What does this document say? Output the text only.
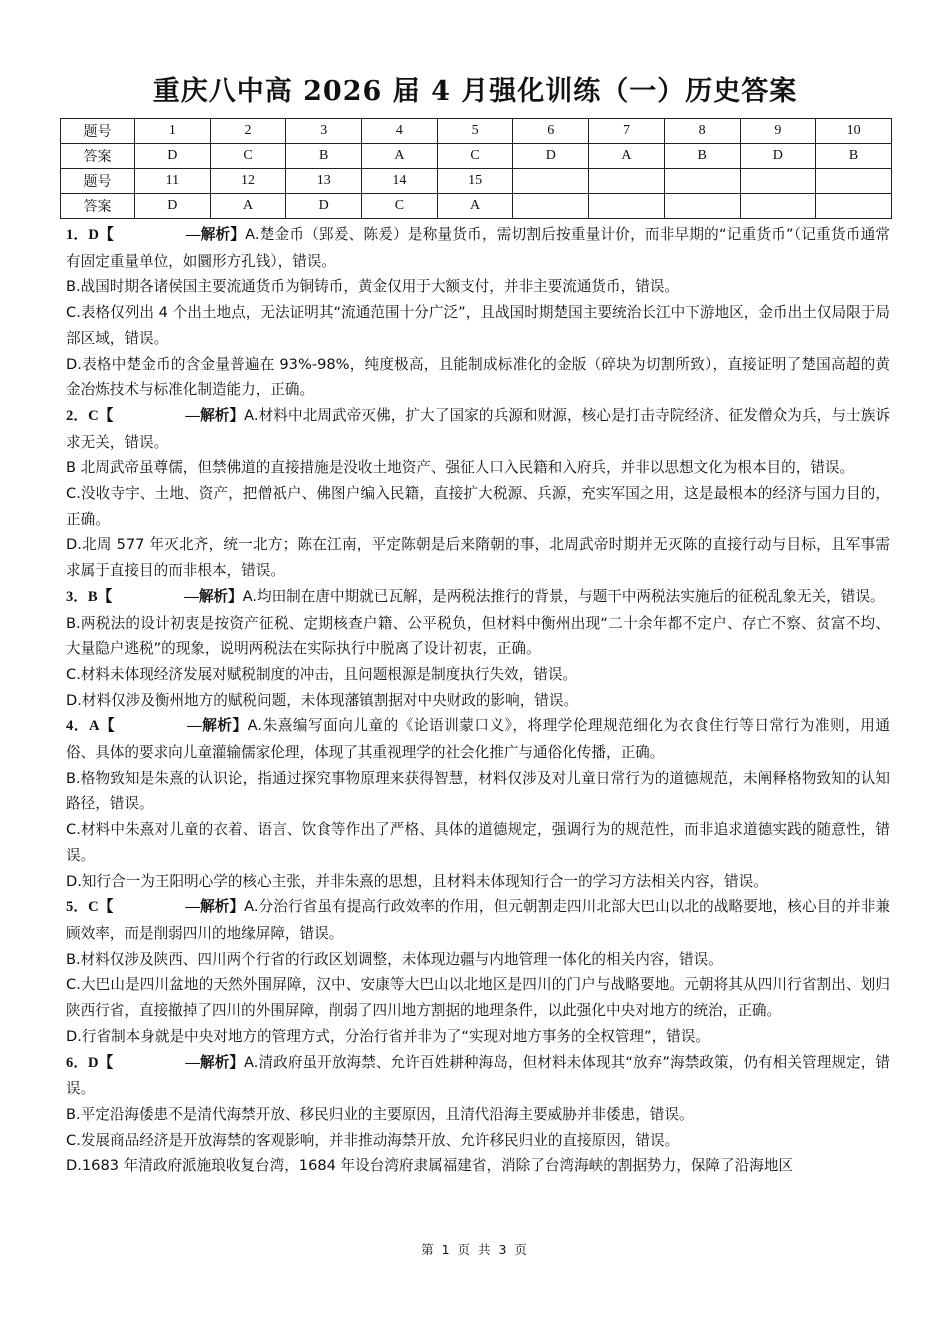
重庆八中高 2026 届 4 月强化训练（一）历史答案
题号	1	2	3	4	5	6	7	8	9	10
答案	D	C	B	A	C	D	A	B	D	B
题号	11	12	13	14	15					
答案	D	A	D	C	A					

1．D【	—解析】A.楚金币（郢爰、陈爰）是称量货币，需切割后按重量计价，而非早期的“记重货币”（记重货币通常有固定重量单位，如圜形方孔钱），错误。

B.战国时期各诸侯国主要流通货币为铜铸币，黄金仅用于大额支付，并非主要流通货币，错误。

C.表格仅列出 4 个出土地点，无法证明其“流通范围十分广泛”，且战国时期楚国主要统治长江中下游地区，金币出土仅局限于局部区域，错误。

D.表格中楚金币的含金量普遍在 93%-98%，纯度极高，且能制成标准化的金版（碎块为切割所致），直接证明了楚国高超的黄金冶炼技术与标准化制造能力，正确。

2．C【	—解析】A.材料中北周武帝灭佛，扩大了国家的兵源和财源，核心是打击寺院经济、征发僧众为兵，与士族诉求无关，错误。

B 北周武帝虽尊儒，但禁佛道的直接措施是没收土地资产、强征人口入民籍和入府兵，并非以思想文化为根本目的，错误。

C.没收寺宇、土地、资产，把僧祇户、佛图户编入民籍，直接扩大税源、兵源，充实军国之用，这是最根本的经济与国力目的，正确。

D.北周 577 年灭北齐，统一北方；陈在江南，平定陈朝是后来隋朝的事，北周武帝时期并无灭陈的直接行动与目标，且军事需求属于直接目的而非根本，错误。

3．B【	—解析】A.均田制在唐中期就已瓦解，是两税法推行的背景，与题干中两税法实施后的征税乱象无关，错误。

B.两税法的设计初衷是按资产征税、定期核查户籍、公平税负，但材料中衡州出现“二十余年都不定户、存亡不察、贫富不均、大量隐户逃税”的现象，说明两税法在实际执行中脱离了设计初衷，正确。

C.材料未体现经济发展对赋税制度的冲击，且问题根源是制度执行失效，错误。

D.材料仅涉及衡州地方的赋税问题，未体现藩镇割据对中央财政的影响，错误。

4．A【	—解析】A.朱熹编写面向儿童的《论语训蒙口义》，将理学伦理规范细化为衣食住行等日常行为准则，用通俗、具体的要求向儿童灌输儒家伦理，体现了其重视理学的社会化推广与通俗化传播，正确。

B.格物致知是朱熹的认识论，指通过探究事物原理来获得智慧，材料仅涉及对儿童日常行为的道德规范，未阐释格物致知的认知路径，错误。

C.材料中朱熹对儿童的衣着、语言、饮食等作出了严格、具体的道德规定，强调行为的规范性，而非追求道德实践的随意性，错误。

D.知行合一为王阳明心学的核心主张，并非朱熹的思想，且材料未体现知行合一的学习方法相关内容，错误。

5．C【	—解析】A.分治行省虽有提高行政效率的作用，但元朝割走四川北部大巴山以北的战略要地，核心目的并非兼顾效率，而是削弱四川的地缘屏障，错误。

B.材料仅涉及陕西、四川两个行省的行政区划调整，未体现边疆与内地管理一体化的相关内容，错误。

C.大巴山是四川盆地的天然外围屏障，汉中、安康等大巴山以北地区是四川的门户与战略要地。元朝将其从四川行省割出、划归陕西行省，直接撤掉了四川的外围屏障，削弱了四川地方割据的地理条件，以此强化中央对地方的统治，正确。

D.行省制本身就是中央对地方的管理方式，分治行省并非为了“实现对地方事务的全权管理”，错误。

6．D【	—解析】A.清政府虽开放海禁、允许百姓耕种海岛，但材料未体现其“放弃”海禁政策，仍有相关管理规定，错误。

B.平定沿海倭患不是清代海禁开放、移民归业的主要原因，且清代沿海主要威胁并非倭患，错误。

C.发展商品经济是开放海禁的客观影响，并非推动海禁开放、允许移民归业的直接原因，错误。

D.1683 年清政府派施琅收复台湾，1684 年设台湾府隶属福建省，消除了台湾海峡的割据势力，保障了沿海地区

第 1 页 共 3 页
